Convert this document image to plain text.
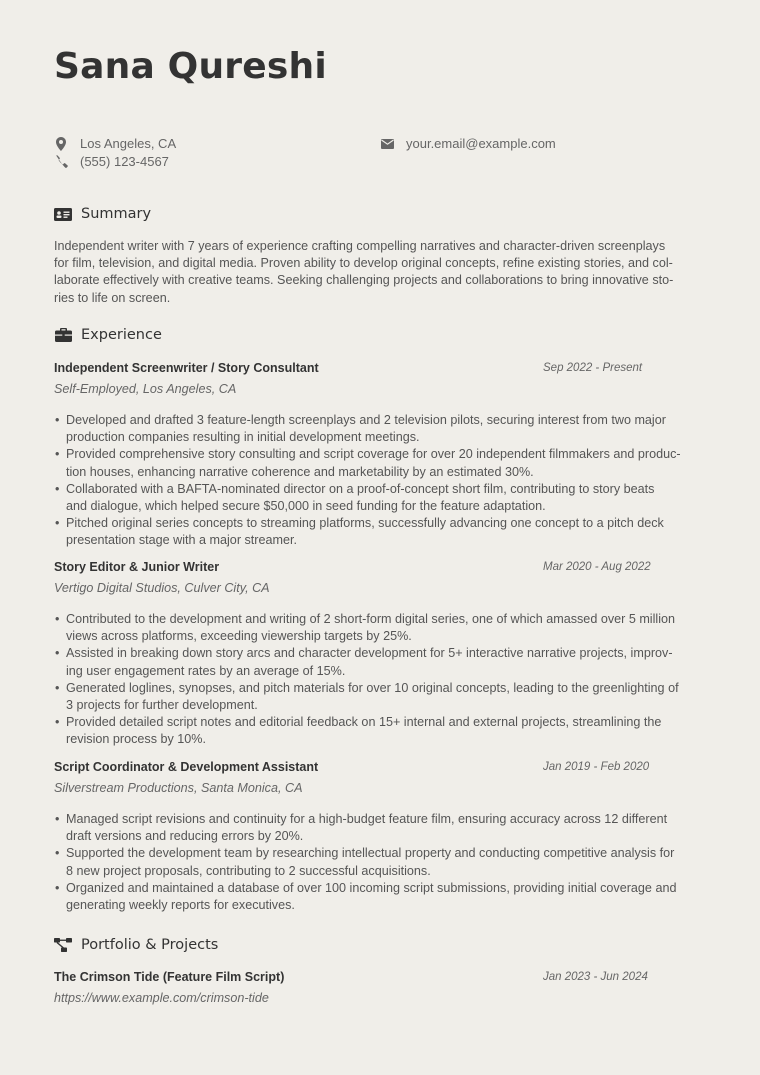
Sana Qureshi
Los Angeles, CA
(555) 123-4567
your.email@example.com
Summary
Independent writer with 7 years of experience crafting compelling narratives and character-driven screenplays
for film, television, and digital media. Proven ability to develop original concepts, refine existing stories, and col-
laborate effectively with creative teams. Seeking challenging projects and collaborations to bring innovative sto-
ries to life on screen.
Experience
Independent Screenwriter / Story Consultant	Sep 2022 - Present
Self-Employed, Los Angeles, CA
• Developed and drafted 3 feature-length screenplays and 2 television pilots, securing interest from two major
production companies resulting in initial development meetings.
• Provided comprehensive story consulting and script coverage for over 20 independent filmmakers and produc-
tion houses, enhancing narrative coherence and marketability by an estimated 30%.
• Collaborated with a BAFTA-nominated director on a proof-of-concept short film, contributing to story beats
and dialogue, which helped secure $50,000 in seed funding for the feature adaptation.
• Pitched original series concepts to streaming platforms, successfully advancing one concept to a pitch deck
presentation stage with a major streamer.
Story Editor & Junior Writer	Mar 2020 - Aug 2022
Vertigo Digital Studios, Culver City, CA
• Contributed to the development and writing of 2 short-form digital series, one of which amassed over 5 million
views across platforms, exceeding viewership targets by 25%.
• Assisted in breaking down story arcs and character development for 5+ interactive narrative projects, improv-
ing user engagement rates by an average of 15%.
• Generated loglines, synopses, and pitch materials for over 10 original concepts, leading to the greenlighting of
3 projects for further development.
• Provided detailed script notes and editorial feedback on 15+ internal and external projects, streamlining the
revision process by 10%.
Script Coordinator & Development Assistant	Jan 2019 - Feb 2020
Silverstream Productions, Santa Monica, CA
• Managed script revisions and continuity for a high-budget feature film, ensuring accuracy across 12 different
draft versions and reducing errors by 20%.
• Supported the development team by researching intellectual property and conducting competitive analysis for
8 new project proposals, contributing to 2 successful acquisitions.
• Organized and maintained a database of over 100 incoming script submissions, providing initial coverage and
generating weekly reports for executives.
Portfolio & Projects
The Crimson Tide (Feature Film Script)	Jan 2023 - Jun 2024
https://www.example.com/crimson-tide
